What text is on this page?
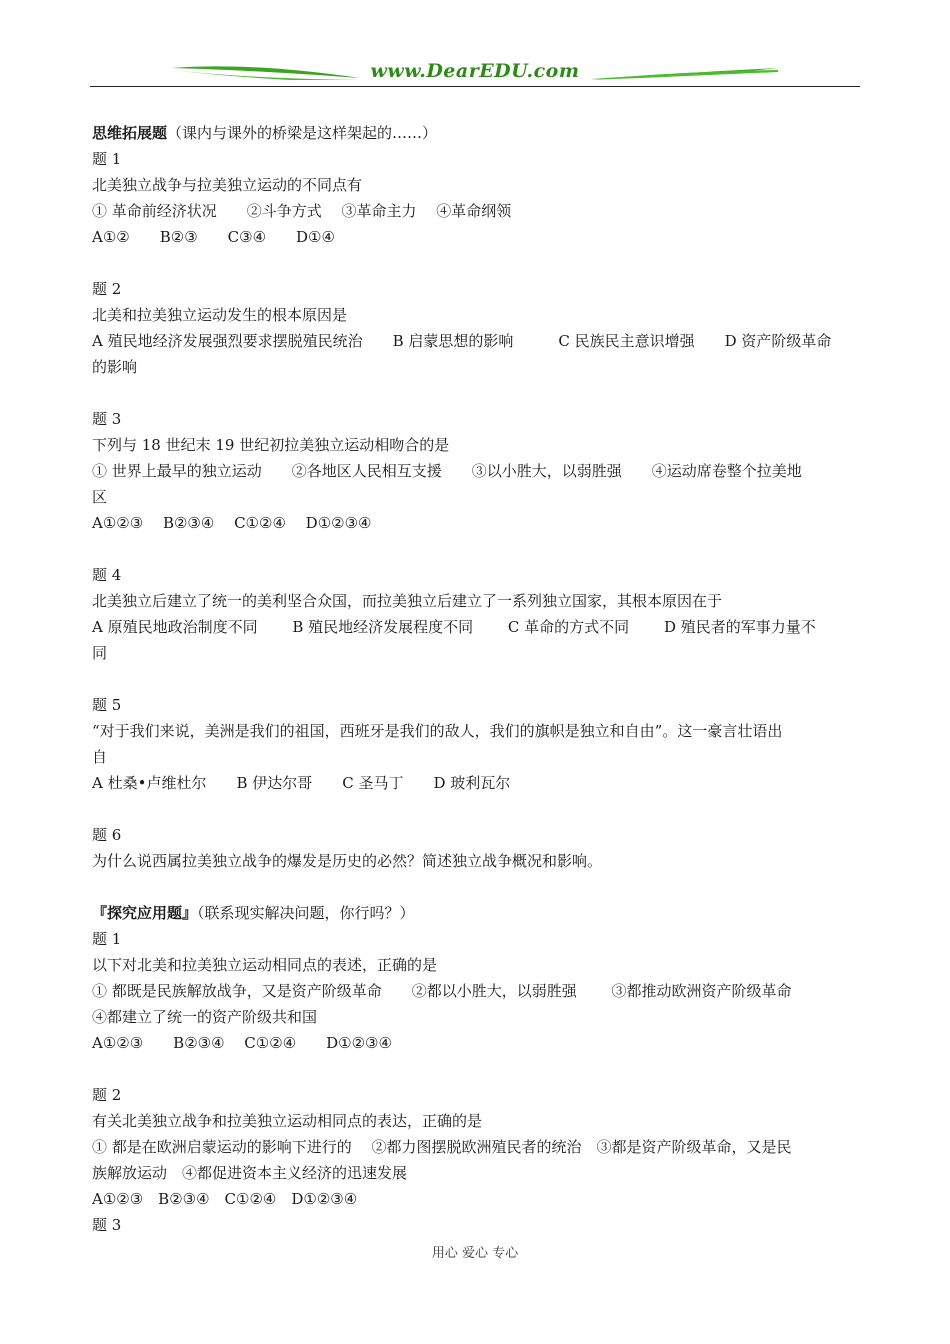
www.DearEDU.com
思维拓展题（课内与课外的桥梁是这样架起的……）
题 1
北美独立战争与拉美独立运动的不同点有
① 革命前经济状况　　②斗争方式　 ③革命主力　 ④革命纲领
A①②　　B②③　　C③④　　D①④
题 2
北美和拉美独立运动发生的根本原因是
A 殖民地经济发展强烈要求摆脱殖民统治　　B 启蒙思想的影响　　　C 民族民主意识增强　　D 资产阶级革命
的影响
题 3
下列与 18 世纪末 19 世纪初拉美独立运动相吻合的是
① 世界上最早的独立运动　　②各地区人民相互支援　　③以小胜大，以弱胜强　　④运动席卷整个拉美地
区
A①②③　 B②③④　 C①②④　 D①②③④
题 4
北美独立后建立了统一的美利坚合众国，而拉美独立后建立了一系列独立国家，其根本原因在于
A 原殖民地政治制度不同　　 B 殖民地经济发展程度不同　　 C 革命的方式不同　　 D 殖民者的军事力量不
同
题 5
“对于我们来说，美洲是我们的祖国，西班牙是我们的敌人，我们的旗帜是独立和自由”。这一豪言壮语出
自
A 杜桑•卢维杜尔　　B 伊达尔哥　　C 圣马丁　　D 玻利瓦尔
题 6
为什么说西属拉美独立战争的爆发是历史的必然？简述独立战争概况和影响。
『探究应用题』（联系现实解决问题，你行吗？）
题 1
以下对北美和拉美独立运动相同点的表述，正确的是
① 都既是民族解放战争，又是资产阶级革命　　②都以小胜大，以弱胜强　　 ③都推动欧洲资产阶级革命
④都建立了统一的资产阶级共和国
A①②③　　B②③④　 C①②④　　D①②③④
题 2
有关北美独立战争和拉美独立运动相同点的表达，正确的是
① 都是在欧洲启蒙运动的影响下进行的　 ②都力图摆脱欧洲殖民者的统治　③都是资产阶级革命，又是民
族解放运动　④都促进资本主义经济的迅速发展
A①②③　B②③④　C①②④　D①②③④
题 3
用心 爱心 专心
